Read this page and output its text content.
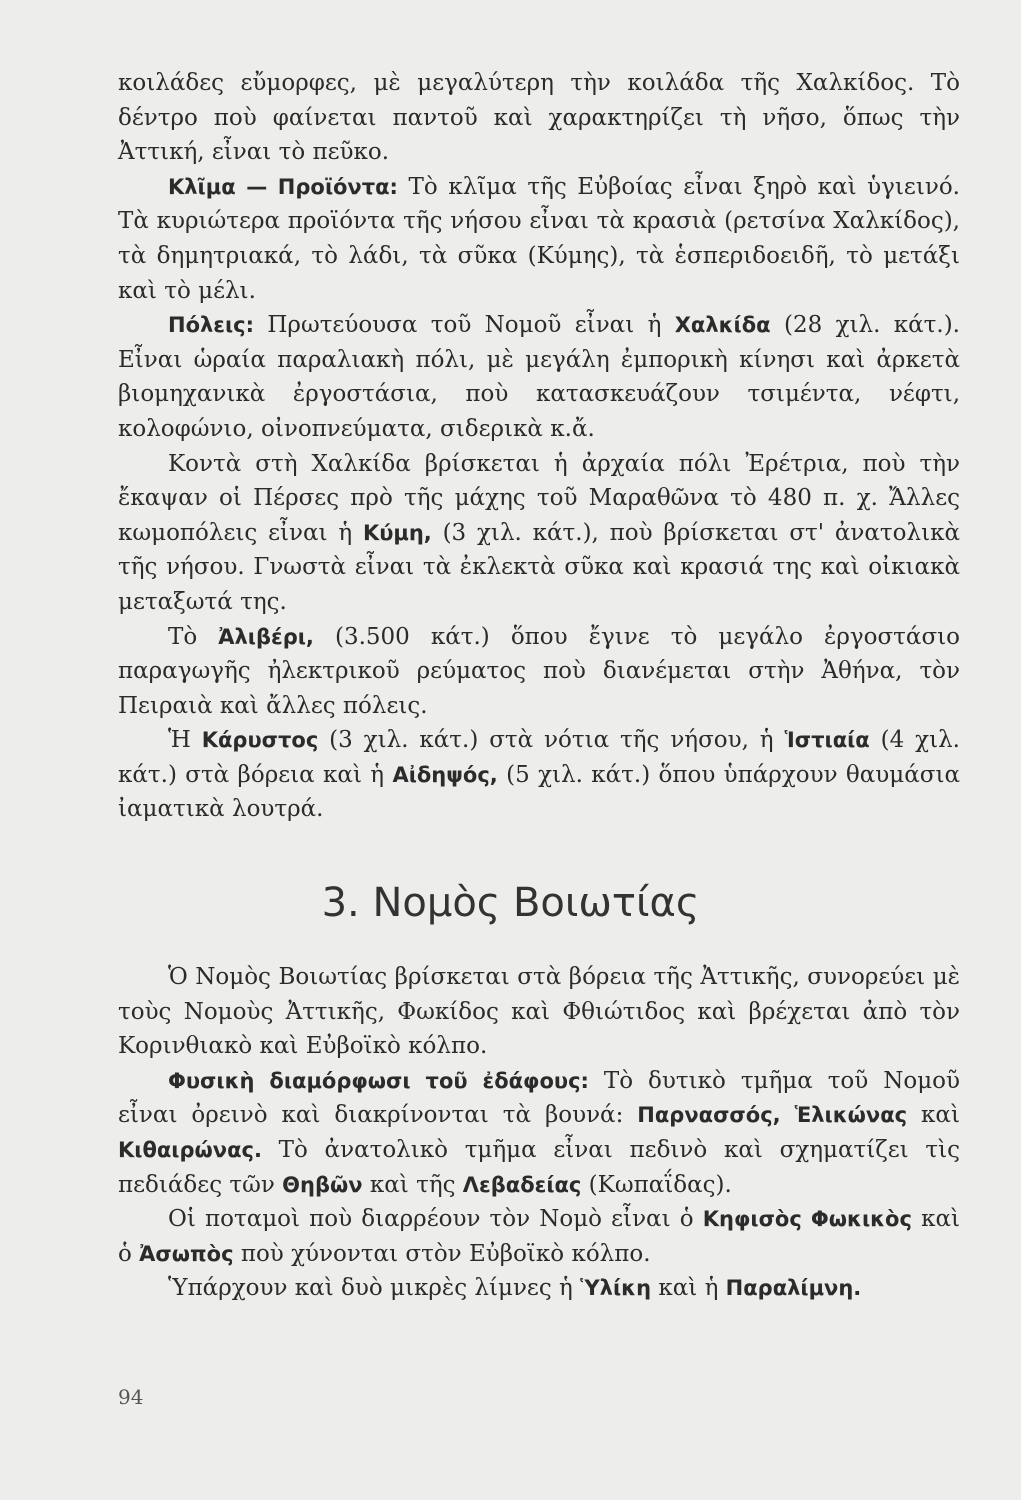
κοιλάδες εὔμορφες, μὲ μεγαλύτερη τὴν κοιλάδα τῆς Χαλκίδος. Τὸ δέντρο ποὺ φαίνεται παντοῦ καὶ χαρακτηρίζει τὴ νῆσο, ὅπως τὴν Ἀττική, εἶναι τὸ πεῦκο.

Κλῖμα — Προϊόντα: Τὸ κλῖμα τῆς Εὐβοίας εἶναι ξηρὸ καὶ ὑγιεινό. Τὰ κυριώτερα προϊόντα τῆς νήσου εἶναι τὰ κρασιὰ (ρετσίνα Χαλκίδος), τὰ δημητριακά, τὸ λάδι, τὰ σῦκα (Κύμης), τὰ ἑσπεριδοειδῆ, τὸ μετάξι καὶ τὸ μέλι.

Πόλεις: Πρωτεύουσα τοῦ Νομοῦ εἶναι ἡ Χαλκίδα (28 χιλ. κάτ.). Εἶναι ὡραία παραλιακὴ πόλι, μὲ μεγάλη ἐμπορικὴ κίνησι καὶ ἀρκετὰ βιομηχανικὰ ἐργοστάσια, ποὺ κατασκευάζουν τσιμέντα, νέφτι, κολοφώνιο, οἰνοπνεύματα, σιδερικὰ κ.ἄ.

Κοντὰ στὴ Χαλκίδα βρίσκεται ἡ ἀρχαία πόλι Ἐρέτρια, ποὺ τὴν ἔκαψαν οἱ Πέρσες πρὸ τῆς μάχης τοῦ Μαραθῶνα τὸ 480 π. χ. Ἄλλες κωμοπόλεις εἶναι ἡ Κύμη, (3 χιλ. κάτ.), ποὺ βρίσκεται στ' ἀνατολικὰ τῆς νήσου. Γνωστὰ εἶναι τὰ ἐκλεκτὰ σῦκα καὶ κρασιά της καὶ οἰκιακὰ μεταξωτά της.

Τὸ Ἀλιβέρι, (3.500 κάτ.) ὅπου ἔγινε τὸ μεγάλο ἐργοστάσιο παραγωγῆς ἠλεκτρικοῦ ρεύματος ποὺ διανέμεται στὴν Ἀθήνα, τὸν Πειραιὰ καὶ ἄλλες πόλεις.

Ἡ Κάρυστος (3 χιλ. κάτ.) στὰ νότια τῆς νήσου, ἡ Ἱστιαία (4 χιλ. κάτ.) στὰ βόρεια καὶ ἡ Αἰδηψός, (5 χιλ. κάτ.) ὅπου ὑπάρχουν θαυμάσια ἰαματικὰ λουτρά.

3. Νομὸς Βοιωτίας

Ὁ Νομὸς Βοιωτίας βρίσκεται στὰ βόρεια τῆς Ἀττικῆς, συνορεύει μὲ τοὺς Νομοὺς Ἀττικῆς, Φωκίδος καὶ Φθιώτιδος καὶ βρέχεται ἀπὸ τὸν Κορινθιακὸ καὶ Εὐβοϊκὸ κόλπο.

Φυσικὴ διαμόρφωσι τοῦ ἐδάφους: Τὸ δυτικὸ τμῆμα τοῦ Νομοῦ εἶναι ὀρεινὸ καὶ διακρίνονται τὰ βουνά: Παρνασσός, Ἑλικώνας καὶ Κιθαιρώνας. Τὸ ἀνατολικὸ τμῆμα εἶναι πεδινὸ καὶ σχηματίζει τὶς πεδιάδες τῶν Θηβῶν καὶ τῆς Λεβαδείας (Κωπαΐδας).

Οἱ ποταμοὶ ποὺ διαρρέουν τὸν Νομὸ εἶναι ὁ Κηφισὸς Φωκικὸς καὶ ὁ Ἀσωπὸς ποὺ χύνονται στὸν Εὐβοϊκὸ κόλπο.

Ὑπάρχουν καὶ δυὸ μικρὲς λίμνες ἡ Ὑλίκη καὶ ἡ Παραλίμνη.

94
